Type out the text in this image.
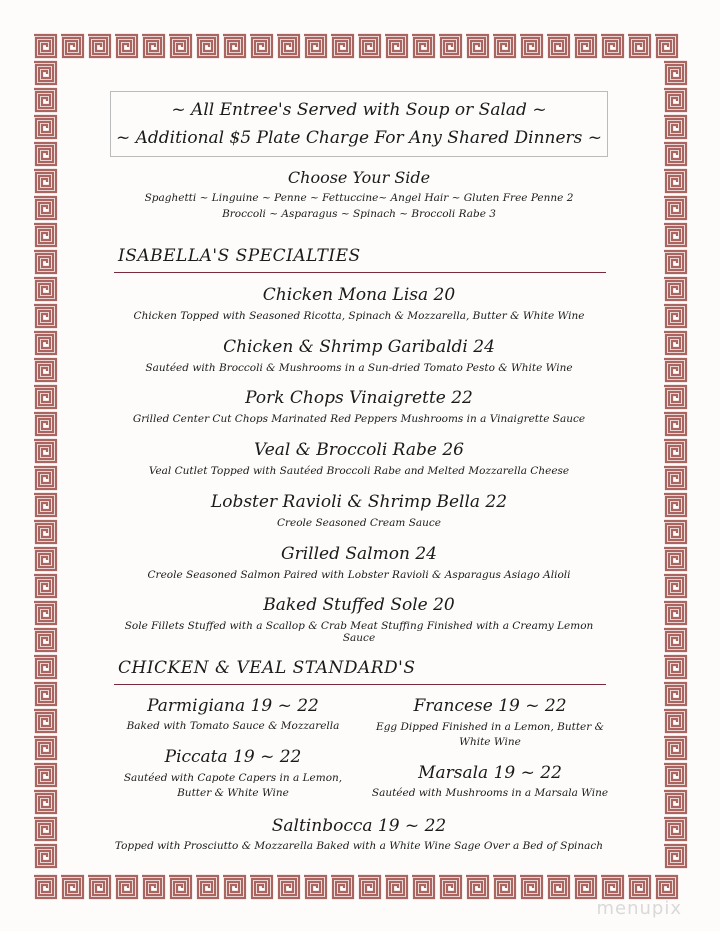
~ All Entree's Served with Soup or Salad ~
~ Additional $5 Plate Charge For Any Shared Dinners ~
Choose Your Side
Spaghetti ~ Linguine ~ Penne ~ Fettuccine~ Angel Hair ~ Gluten Free Penne 2
Broccoli ~ Asparagus ~ Spinach ~ Broccoli Rabe 3
ISABELLA'S SPECIALTIES
Chicken Mona Lisa 20
Chicken Topped with Seasoned Ricotta, Spinach & Mozzarella, Butter & White Wine
Chicken & Shrimp Garibaldi 24
Sautéed with Broccoli & Mushrooms in a Sun-dried Tomato Pesto & White Wine
Pork Chops Vinaigrette 22
Grilled Center Cut Chops Marinated Red Peppers Mushrooms in a Vinaigrette Sauce
Veal & Broccoli Rabe 26
Veal Cutlet Topped with Sautéed Broccoli Rabe and Melted Mozzarella Cheese
Lobster Ravioli & Shrimp Bella 22
Creole Seasoned Cream Sauce
Grilled Salmon 24
Creole Seasoned Salmon Paired with Lobster Ravioli & Asparagus Asiago Alioli
Baked Stuffed Sole 20
Sole Fillets Stuffed with a Scallop & Crab Meat Stuffing Finished with a Creamy Lemon Sauce
CHICKEN & VEAL STANDARD'S
Parmigiana 19 ~ 22
Baked with Tomato Sauce & Mozzarella
Francese 19 ~ 22
Egg Dipped Finished in a Lemon, Butter &
White Wine
Piccata 19 ~ 22
Sautéed with Capote Capers in a Lemon,
Butter & White Wine
Marsala 19 ~ 22
Sautéed with Mushrooms in a Marsala Wine
Saltinbocca 19 ~ 22
Topped with Prosciutto & Mozzarella Baked with a White Wine Sage Over a Bed of Spinach
menupix
